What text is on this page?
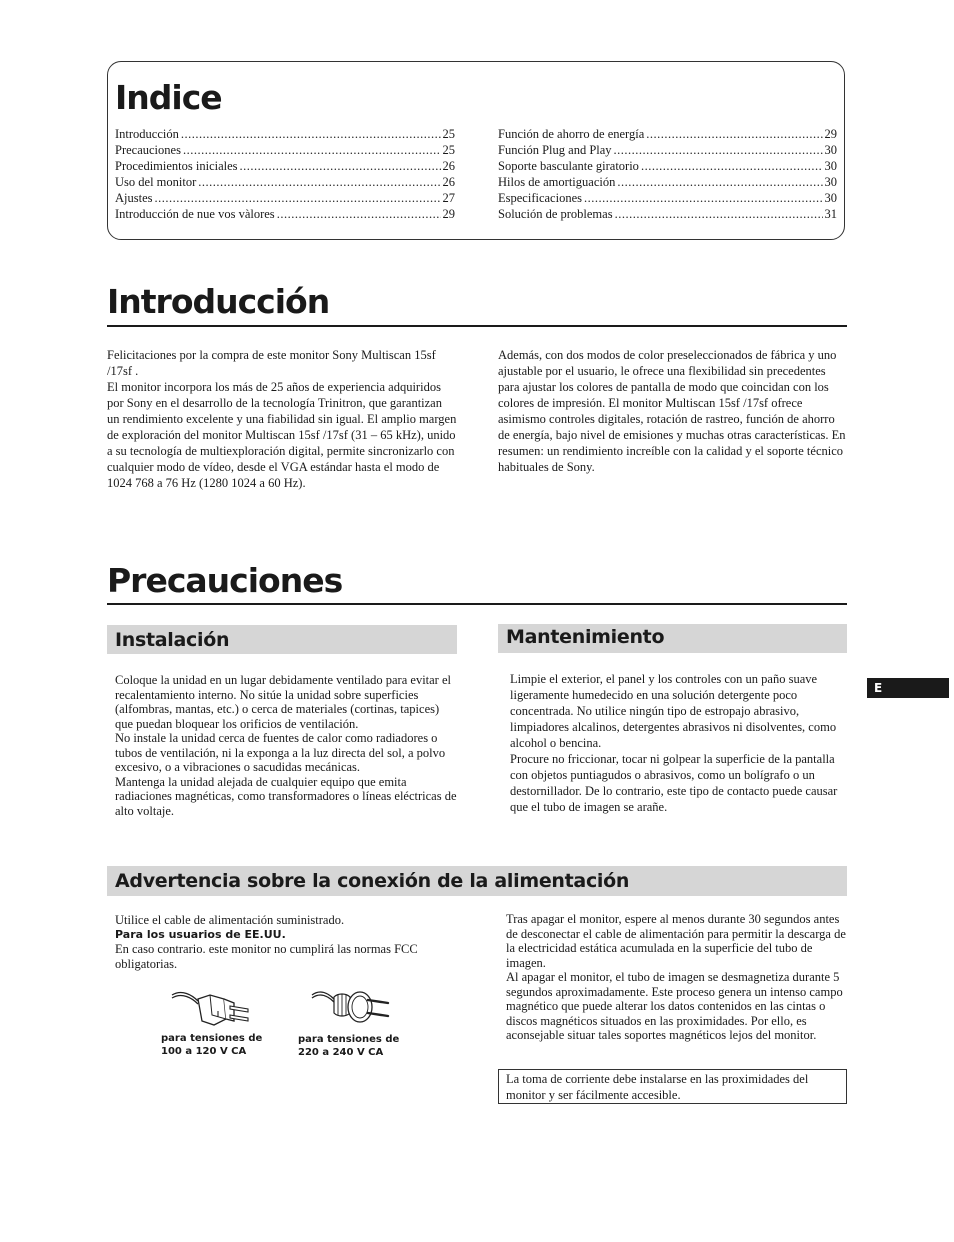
Indice
Introducción .....	25
Precauciones .....	25
Procedimientos iniciales .....	26
Uso del monitor .....	26
Ajustes .....	27
Introducción de nue vos vàlores .....	29
Función de ahorro de energía .....	29
Función Plug and Play .....	30
Soporte basculante giratorio .....	30
Hilos de amortiguación .....	30
Especificaciones .....	30
Solución de problemas .....	31
Introducción

Felicitaciones por la compra de este monitor Sony Multiscan 15sf /17sf .

El monitor incorpora los más de 25 años de experiencia adquiridos por Sony en el desarrollo de la tecnología Trinitron, que garantizan un rendimiento excelente y una fiabilidad sin igual. El amplio margen de exploración del monitor Multiscan 15sf /17sf (31 – 65 kHz), unido a su tecnología de multiexploración digital, permite sincronizarlo con cualquier modo de vídeo, desde el VGA estándar hasta el modo de 1024 768 a 76 Hz (1280 1024 a 60 Hz).

Además, con dos modos de color preseleccionados de fábrica y uno ajustable por el usuario, le ofrece una flexibilidad sin precedentes para ajustar los colores de pantalla de modo que coincidan con los colores de impresión. El monitor Multiscan 15sf /17sf ofrece asimismo controles digitales, rotación de rastreo, función de ahorro de energía, bajo nivel de emisiones y muchas otras características. En resumen: un rendimiento increíble con la calidad y el soporte técnico habituales de Sony.

Precauciones
Instalación	Mantenimiento

Coloque la unidad en un lugar debidamente ventilado para evitar el recalentamiento interno. No sitúe la unidad sobre superficies (alfombras, mantas, etc.) o cerca de materiales (cortinas, tapices) que puedan bloquear los orificios de ventilación.

No instale la unidad cerca de fuentes de calor como radiadores o tubos de ventilación, ni la exponga a la luz directa del sol, a polvo excesivo, o a vibraciones o sacudidas mecánicas.

Mantenga la unidad alejada de cualquier equipo que emita radiaciones magnéticas, como transformadores o líneas eléctricas de alto voltaje.

Limpie el exterior, el panel y los controles con un paño suave ligeramente humedecido en una solución detergente poco concentrada. No utilice ningún tipo de estropajo abrasivo, limpiadores alcalinos, detergentes abrasivos ni disolventes, como alcohol o bencina.

Procure no friccionar, tocar ni golpear la superficie de la pantalla con objetos puntiagudos o abrasivos, como un bolígrafo o un destornillador. De lo contrario, este tipo de contacto puede causar que el tubo de imagen se arañe.

E
Advertencia sobre la conexión de la alimentación

Utilice el cable de alimentación suministrado.

Para los usuarios de EE.UU.

En caso contrario. este monitor no cumplirá las normas FCC obligatorias.

para tensiones de
100 a 120 V CA

para tensiones de
220 a 240 V CA

Tras apagar el monitor, espere al menos durante 30 segundos antes de desconectar el cable de alimentación para permitir la descarga de la electricidad estática acumulada en la superficie del tubo de imagen.

Al apagar el monitor, el tubo de imagen se desmagnetiza durante 5 segundos aproximadamente. Este proceso genera un intenso campo magnético que puede alterar los datos contenidos en las cintas o discos magnéticos situados en las proximidades. Por ello, es aconsejable situar tales soportes magnéticos lejos del monitor.

La toma de corriente debe instalarse en las proximidades del monitor y ser fácilmente accesible.
